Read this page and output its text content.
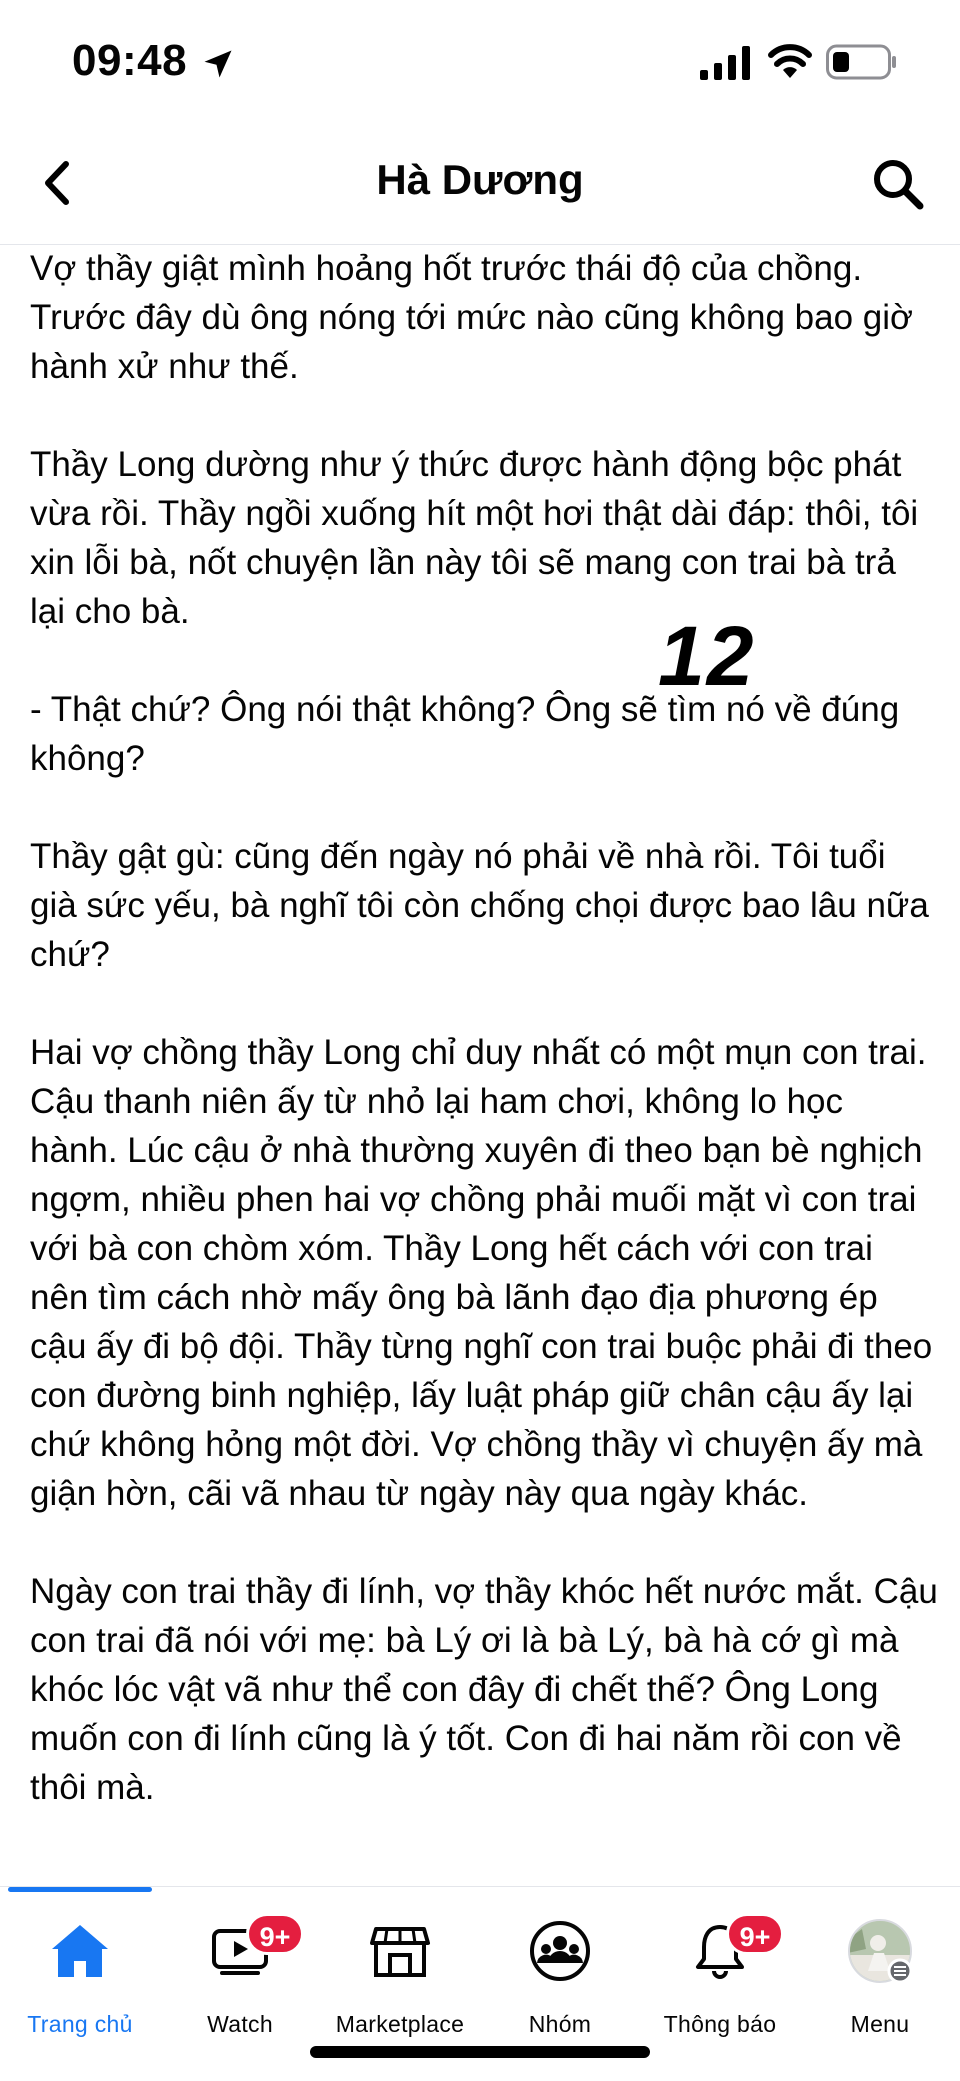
09:48
Hà Dương

Vợ thầy giật mình hoảng hốt trước thái độ của chồng. Trước đây dù ông nóng tới mức nào cũng không bao giờ hành xử như thế.

Thầy Long dường như ý thức được hành động bộc phát vừa rồi. Thầy ngồi xuống hít một hơi thật dài đáp: thôi, tôi xin lỗi bà, nốt chuyện lần này tôi sẽ mang con trai bà trả lại cho bà.

- Thật chứ? Ông nói thật không? Ông sẽ tìm nó về đúng không?

Thầy gật gù: cũng đến ngày nó phải về nhà rồi. Tôi tuổi già sức yếu, bà nghĩ tôi còn chống chọi được bao lâu nữa chứ?

Hai vợ chồng thầy Long chỉ duy nhất có một mụn con trai. Cậu thanh niên ấy từ nhỏ lại ham chơi, không lo học hành. Lúc cậu ở nhà thường xuyên đi theo bạn bè nghịch ngợm, nhiều phen hai vợ chồng phải muối mặt vì con trai với bà con chòm xóm. Thầy Long hết cách với con trai nên tìm cách nhờ mấy ông bà lãnh đạo địa phương ép cậu ấy đi bộ đội. Thầy từng nghĩ con trai buộc phải đi theo con đường binh nghiệp, lấy luật pháp giữ chân cậu ấy lại chứ không hỏng một đời. Vợ chồng thầy vì chuyện ấy mà giận hờn, cãi vã nhau từ ngày này qua ngày khác.

Ngày con trai thầy đi lính, vợ thầy khóc hết nước mắt. Cậu con trai đã nói với mẹ: bà Lý ơi là bà Lý, bà hà cớ gì mà khóc lóc vật vã như thể con đây đi chết thế? Ông Long muốn con đi lính cũng là ý tốt. Con đi hai năm rồi con về thôi mà.

12
Trang chủ
9+
Watch	Marketplace	Nhóm
9+
Thông báo	Menu
